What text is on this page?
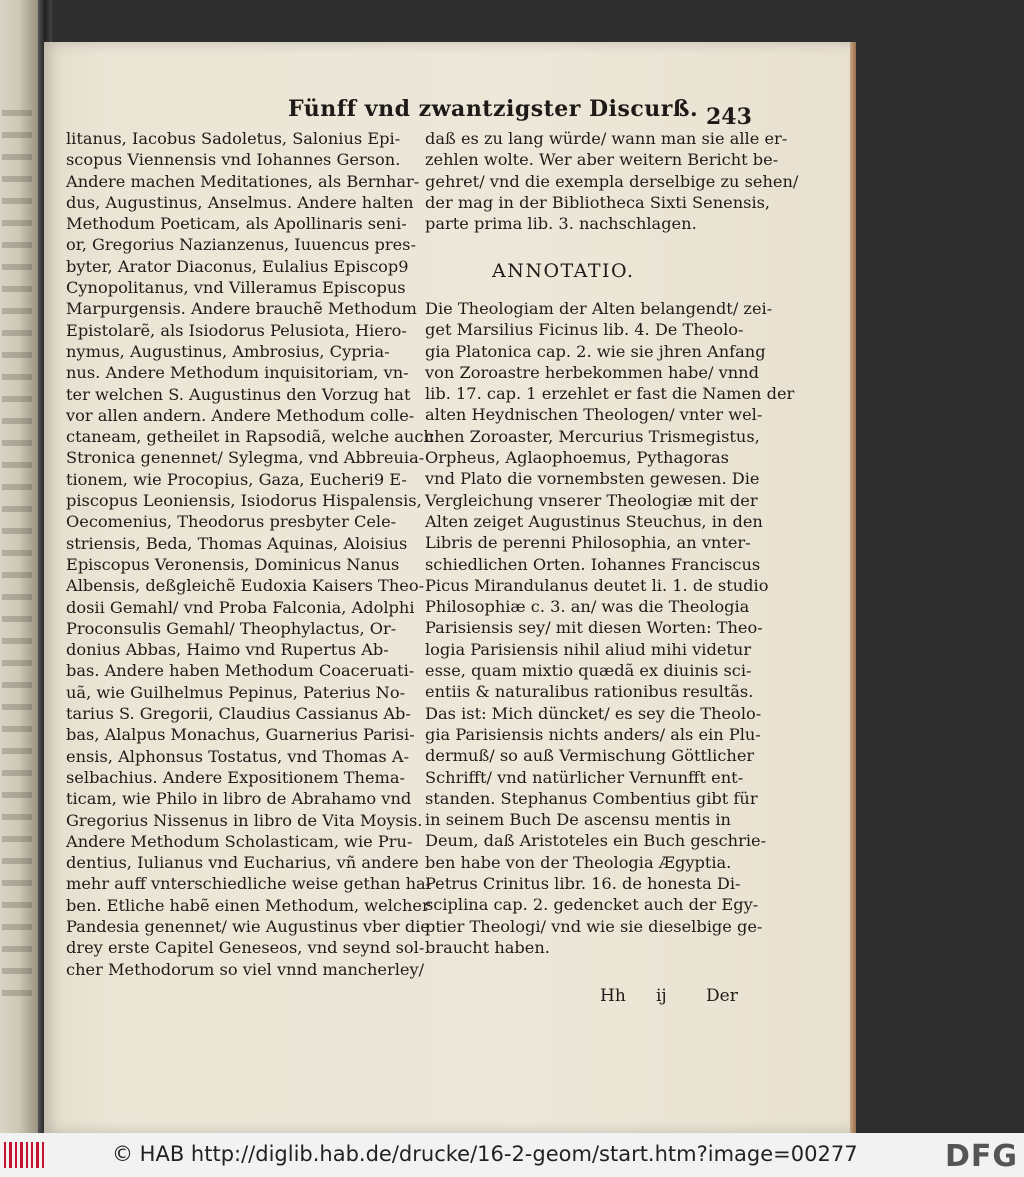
Fünff vnd zwantzigster Discurß. 243
litanus, Iacobus Sadoletus, Salonius Epi-
scopus Viennensis vnd Iohannes Gerson.
Andere machen Meditationes, als Bernhar-
dus, Augustinus, Anselmus. Andere halten
Methodum Poeticam, als Apollinaris seni-
or, Gregorius Nazianzenus, Iuuencus pres-
byter, Arator Diaconus, Eulalius Episcop9
Cynopolitanus, vnd Villeramus Episcopus
Marpurgensis. Andere brauchẽ Methodum
Epistolarẽ, als Isiodorus Pelusiota, Hiero-
nymus, Augustinus, Ambrosius, Cypria-
nus. Andere Methodum inquisitoriam, vn-
ter welchen S. Augustinus den Vorzug hat
vor allen andern. Andere Methodum colle-
ctaneam, getheilet in Rapsodiã, welche auch
Stronica genennet/ Sylegma, vnd Abbreuia-
tionem, wie Procopius, Gaza, Eucheri9 E-
piscopus Leoniensis, Isiodorus Hispalensis,
Oecomenius, Theodorus presbyter Cele-
striensis, Beda, Thomas Aquinas, Aloisius
Episcopus Veronensis, Dominicus Nanus
Albensis, deßgleichẽ Eudoxia Kaisers Theo-
dosii Gemahl/ vnd Proba Falconia, Adolphi
Proconsulis Gemahl/ Theophylactus, Or-
donius Abbas, Haimo vnd Rupertus Ab-
bas. Andere haben Methodum Coaceruati-
uã, wie Guilhelmus Pepinus, Paterius No-
tarius S. Gregorii, Claudius Cassianus Ab-
bas, Alalpus Monachus, Guarnerius Parisi-
ensis, Alphonsus Tostatus, vnd Thomas A-
selbachius. Andere Expositionem Thema-
ticam, wie Philo in libro de Abrahamo vnd
Gregorius Nissenus in libro de Vita Moysis.
Andere Methodum Scholasticam, wie Pru-
dentius, Iulianus vnd Eucharius, vñ andere
mehr auff vnterschiedliche weise gethan ha-
ben. Etliche habẽ einen Methodum, welcher
Pandesia genennet/ wie Augustinus vber die
drey erste Capitel Geneseos, vnd seynd sol-
cher Methodorum so viel vnnd mancherley/
daß es zu lang würde/ wann man sie alle er-
zehlen wolte. Wer aber weitern Bericht be-
gehret/ vnd die exempla derselbige zu sehen/
der mag in der Bibliotheca Sixti Senensis,
parte prima lib. 3. nachschlagen.
ANNOTATIO.
Die Theologiam der Alten belangendt/ zei-
get Marsilius Ficinus lib. 4. De Theolo-
gia Platonica cap. 2. wie sie jhren Anfang
von Zoroastre herbekommen habe/ vnnd
lib. 17. cap. 1 erzehlet er fast die Namen der
alten Heydnischen Theologen/ vnter wel-
chen Zoroaster, Mercurius Trismegistus,
Orpheus, Aglaophoemus, Pythagoras
vnd Plato die vornembsten gewesen. Die
Vergleichung vnserer Theologiæ mit der
Alten zeiget Augustinus Steuchus, in den
Libris de perenni Philosophia, an vnter-
schiedlichen Orten. Iohannes Franciscus
Picus Mirandulanus deutet li. 1. de studio
Philosophiæ c. 3. an/ was die Theologia
Parisiensis sey/ mit diesen Worten: Theo-
logia Parisiensis nihil aliud mihi videtur
esse, quam mixtio quædã ex diuinis sci-
entiis & naturalibus rationibus resultãs.
Das ist: Mich düncket/ es sey die Theolo-
gia Parisiensis nichts anders/ als ein Plu-
dermuß/ so auß Vermischung Göttlicher
Schrifft/ vnd natürlicher Vernunfft ent-
standen. Stephanus Combentius gibt für
in seinem Buch De ascensu mentis in
Deum, daß Aristoteles ein Buch geschrie-
ben habe von der Theologia Ægyptia.
Petrus Crinitus libr. 16. de honesta Di-
sciplina cap. 2. gedencket auch der Egy-
ptier Theologi/ vnd wie sie dieselbige ge-
braucht haben.
Hh ij Der
© HAB http://diglib.hab.de/drucke/16-2-geom/start.htm?image=00277	DFG
